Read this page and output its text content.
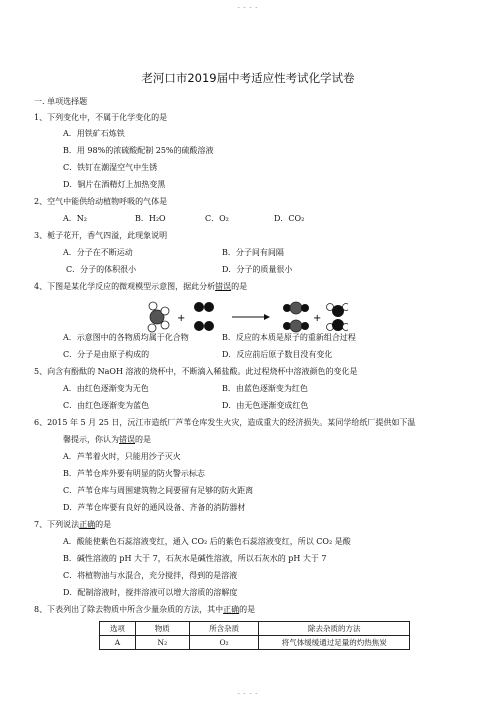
- - - -
老河口市2019届中考适应性考试化学试卷
一. 单项选择题
1、下列变化中，不属于化学变化的是
A．用铁矿石炼铁
B．用 98%的浓硫酸配制 25%的硫酸溶液
C．铁钉在潮湿空气中生锈
D．铜片在酒精灯上加热变黑
2、空气中能供给动植物呼吸的气体是
A．N₂	B．H₂O	C．O₂	D．CO₂
3、栀子花开，香气四溢，此现象说明
A．分子在不断运动	B．分子间有间隔
C．分子的体积很小	D．分子的质量很小
4、下图是某化学反应的微观模型示意图，据此分析错误的是
+	+
A．示意图中的各物质均属于化合物	B．反应的本质是原子的重新组合过程
C．分子是由原子构成的	D．反应前后原子数目没有变化
5、向含有酚酞的 NaOH 溶液的烧杯中，不断滴入稀盐酸。此过程烧杯中溶液颜色的变化是
A．由红色逐渐变为无色	B．由蓝色逐渐变为红色
C．由红色逐渐变为蓝色	D．由无色逐渐变成红色
6、2015 年 5 月 25 日，沅江市造纸厂芦苇仓库发生火灾，造成重大的经济损失。某同学给纸厂提供如下温
馨提示，你认为错误的是
A．芦苇着火时，只能用沙子灭火
B．芦苇仓库外要有明显的防火警示标志
C．芦苇仓库与周围建筑物之间要留有足够的防火距离
D．芦苇仓库要有良好的通风设备、齐备的消防器材
7、下列说法正确的是
A．酸能使紫色石蕊溶液变红，通入 CO₂ 后的紫色石蕊溶液变红，所以 CO₂ 是酸
B．碱性溶液的 pH 大于 7，石灰水是碱性溶液，所以石灰水的 pH 大于 7
C．将植物油与水混合，充分搅拌，得到的是溶液
D．配制溶液时，搅拌溶液可以增大溶质的溶解度
8、下表列出了除去物质中所含少量杂质的方法，其中正确的是
选项	物质	所含杂质	除去杂质的方法
A	N₂	O₂	将气体缓缓通过足量的灼热焦炭
- - - -
